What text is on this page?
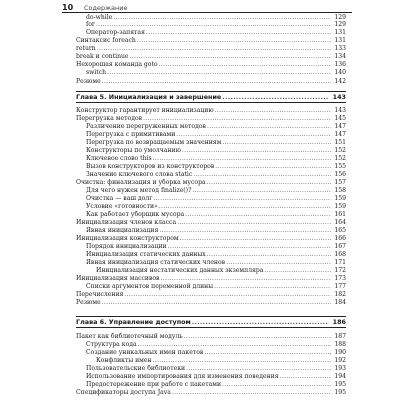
10	Содержание
do-while .....	129
for .....	129
Оператор-запятая .....	131
Синтаксис foreach .....	131
return .....	133
break и continue .....	134
Нехорошая команда goto .....	136
switch .....	140
Резюме .....	142
Глава 5. Инициализация и завершение .....	143
Конструктор гарантирует инициализацию .....	143
Перегрузка методов .....	145
Различение перегруженных методов .....	147
Перегрузка с примитивами .....	147
Перегрузка по возвращаемым значениям .....	151
Конструкторы по умолчанию .....	152
Ключевое слово this .....	152
Вызов конструкторов из конструкторов .....	155
Значение ключевого слова static .....	156
Очистка: финализация и уборка мусора .....	157
Для чего нужен метод finalize()? .....	158
Очистка — ваш долг .....	159
Условие «готовности» .....	159
Как работает уборщик мусора .....	161
Инициализация членов класса .....	164
Явная инициализация .....	165
Инициализация конструктором .....	166
Порядок инициализации .....	167
Инициализация статических данных .....	168
Явная инициализация статических членов .....	171
Инициализация нестатических данных экземпляра .....	172
Инициализация массивов .....	173
Списки аргументов переменной длины .....	177
Перечисления .....	182
Резюме .....	184
Глава 6. Управление доступом .....	186
Пакет как библиотечный модуль .....	187
Структура кода .....	188
Создание уникальных имен пакетов .....	190
Конфликты имен .....	192
Пользовательские библиотеки .....	193
Использование импортирования для изменения поведения .....	194
Предостережение при работе с пакетами .....	195
Спецификаторы доступа Java .....	195
